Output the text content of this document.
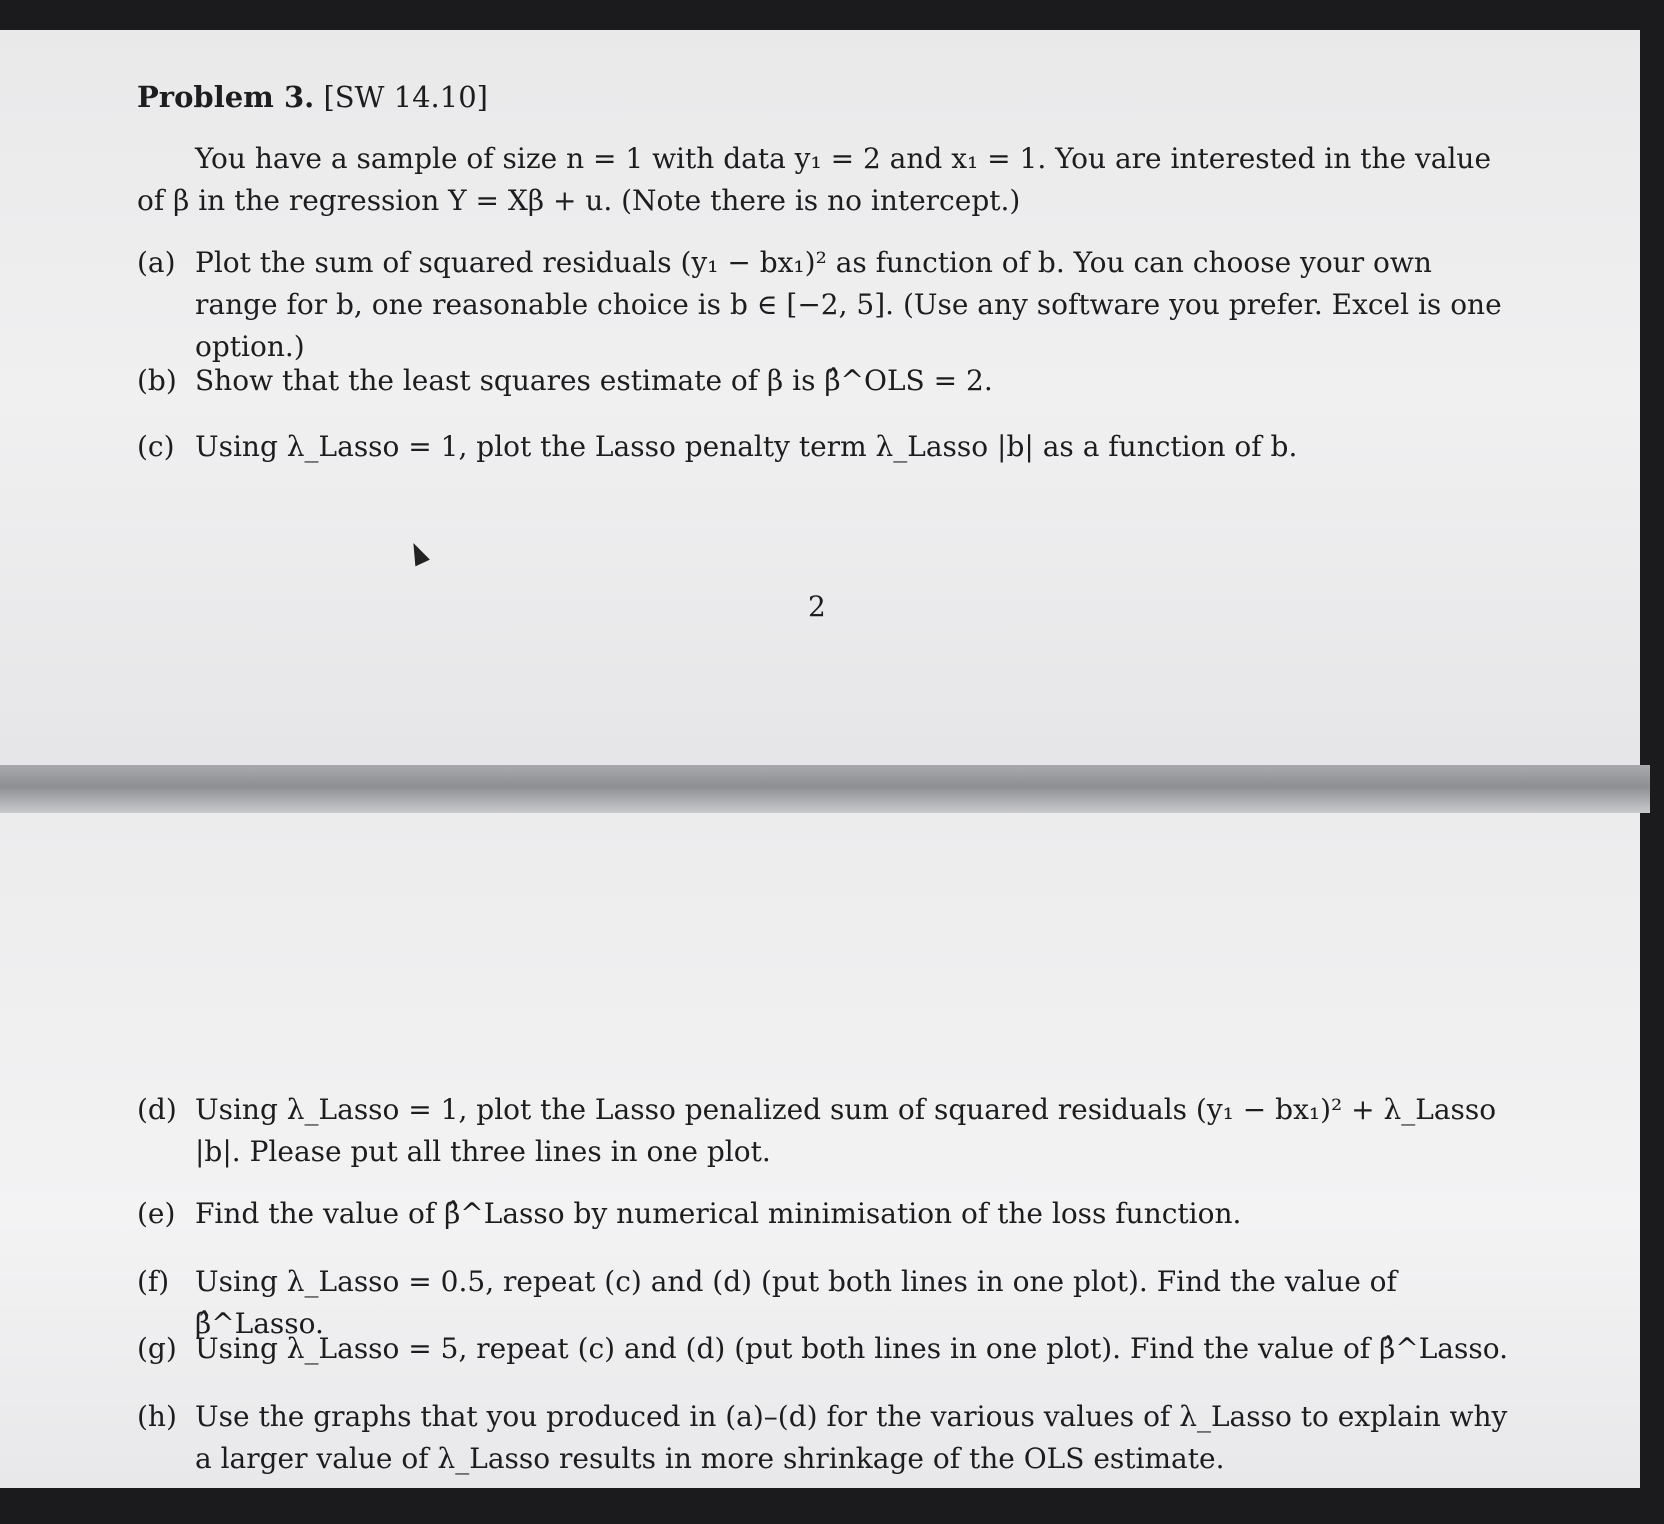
Problem 3. [SW 14.10]
You have a sample of size n = 1 with data y₁ = 2 and x₁ = 1. You are interested in the value of β in the regression Y = Xβ + u. (Note there is no intercept.)
(a) Plot the sum of squared residuals (y₁ − bx₁)² as function of b. You can choose your own range for b, one reasonable choice is b ∈ [−2, 5]. (Use any software you prefer. Excel is one option.)
(b) Show that the least squares estimate of β is β̂^OLS = 2.
(c) Using λ_Lasso = 1, plot the Lasso penalty term λ_Lasso |b| as a function of b.
2
(d) Using λ_Lasso = 1, plot the Lasso penalized sum of squared residuals (y₁ − bx₁)² + λ_Lasso |b|. Please put all three lines in one plot.
(e) Find the value of β̂^Lasso by numerical minimisation of the loss function.
(f) Using λ_Lasso = 0.5, repeat (c) and (d) (put both lines in one plot). Find the value of β̂^Lasso.
(g) Using λ_Lasso = 5, repeat (c) and (d) (put both lines in one plot). Find the value of β̂^Lasso.
(h) Use the graphs that you produced in (a)–(d) for the various values of λ_Lasso to explain why a larger value of λ_Lasso results in more shrinkage of the OLS estimate.
